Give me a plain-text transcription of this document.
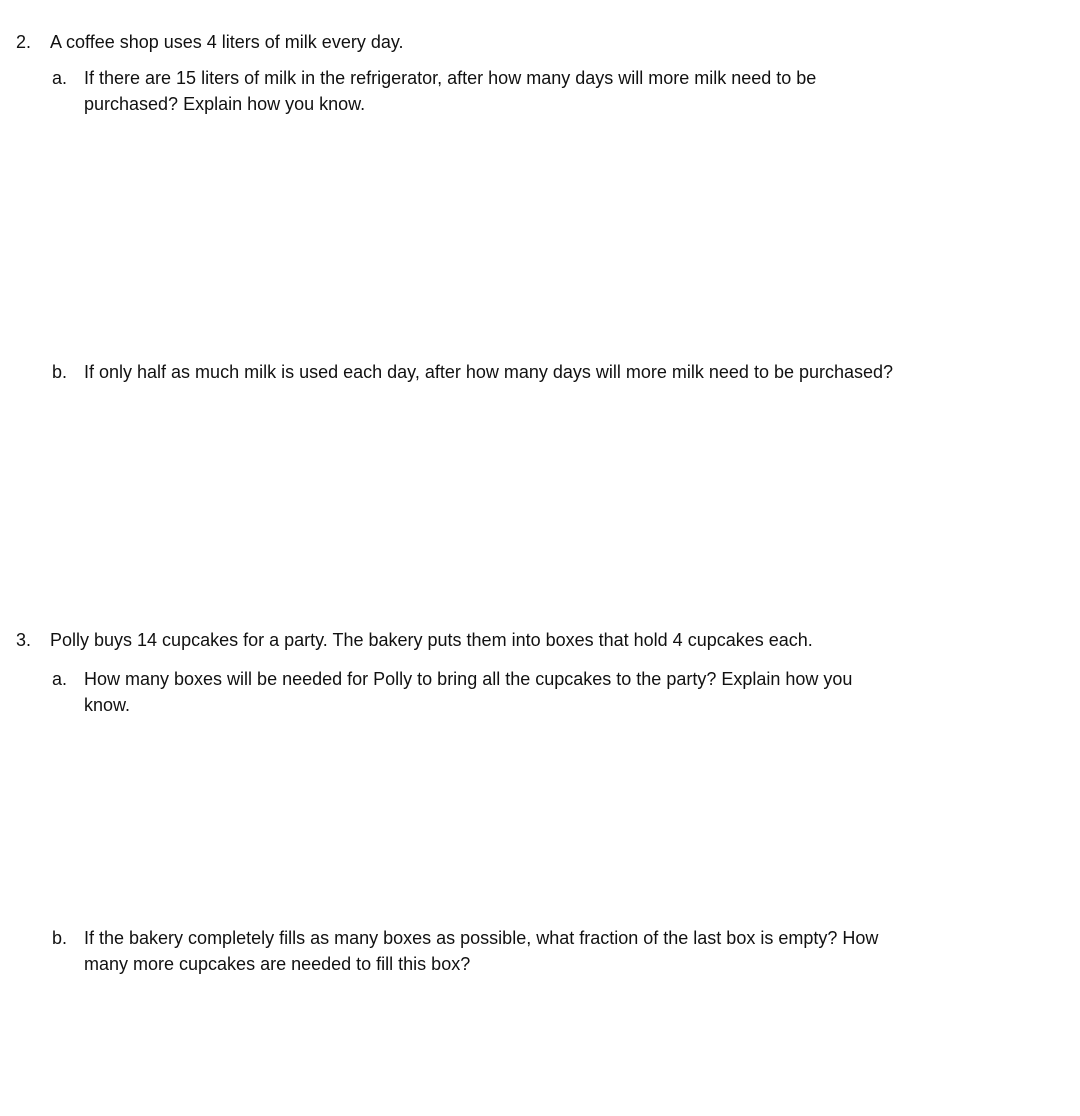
2. A coffee shop uses 4 liters of milk every day.
a. If there are 15 liters of milk in the refrigerator, after how many days will more milk need to be
purchased? Explain how you know.
b. If only half as much milk is used each day, after how many days will more milk need to be purchased?
3. Polly buys 14 cupcakes for a party. The bakery puts them into boxes that hold 4 cupcakes each.
a. How many boxes will be needed for Polly to bring all the cupcakes to the party? Explain how you
know.
b. If the bakery completely fills as many boxes as possible, what fraction of the last box is empty? How
many more cupcakes are needed to fill this box?
